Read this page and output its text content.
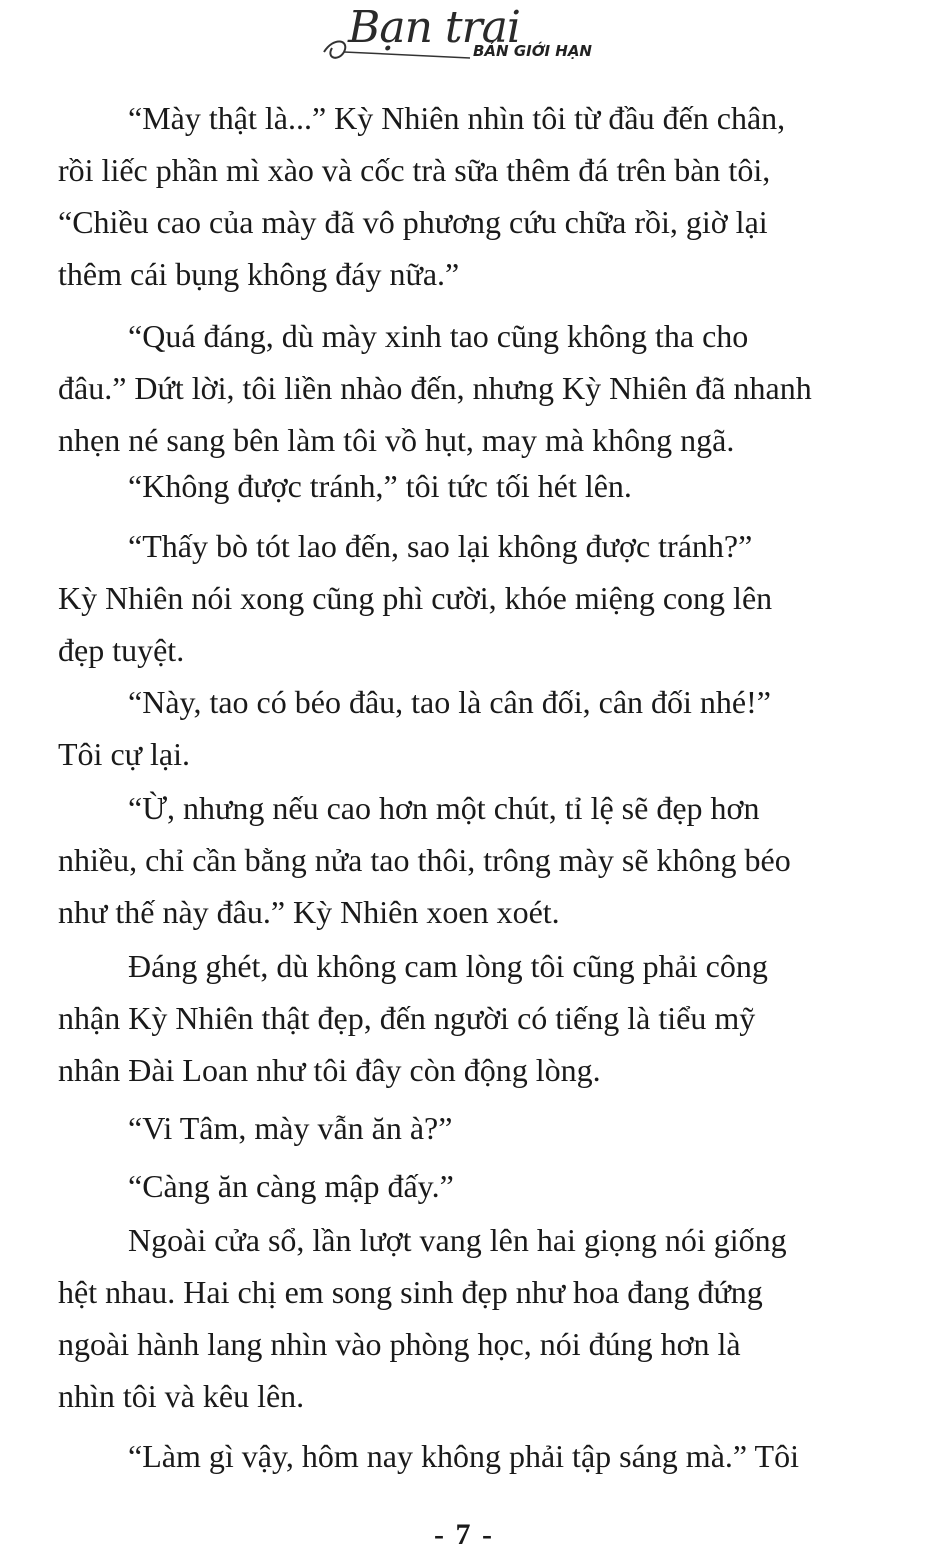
Bạn trai
BẢN GIỚI HẠN
“Mày thật là...” Kỳ Nhiên nhìn tôi từ đầu đến chân,
rồi liếc phần mì xào và cốc trà sữa thêm đá trên bàn tôi,
“Chiều cao của mày đã vô phương cứu chữa rồi, giờ lại
thêm cái bụng không đáy nữa.”
“Quá đáng, dù mày xinh tao cũng không tha cho
đâu.” Dứt lời, tôi liền nhào đến, nhưng Kỳ Nhiên đã nhanh
nhẹn né sang bên làm tôi vồ hụt, may mà không ngã.
“Không được tránh,” tôi tức tối hét lên.
“Thấy bò tót lao đến, sao lại không được tránh?”
Kỳ Nhiên nói xong cũng phì cười, khóe miệng cong lên
đẹp tuyệt.
“Này, tao có béo đâu, tao là cân đối, cân đối nhé!”
Tôi cự lại.
“Ừ, nhưng nếu cao hơn một chút, tỉ lệ sẽ đẹp hơn
nhiều, chỉ cần bằng nửa tao thôi, trông mày sẽ không béo
như thế này đâu.” Kỳ Nhiên xoen xoét.
Đáng ghét, dù không cam lòng tôi cũng phải công
nhận Kỳ Nhiên thật đẹp, đến người có tiếng là tiểu mỹ
nhân Đài Loan như tôi đây còn động lòng.
“Vi Tâm, mày vẫn ăn à?”
“Càng ăn càng mập đấy.”
Ngoài cửa sổ, lần lượt vang lên hai giọng nói giống
hệt nhau. Hai chị em song sinh đẹp như hoa đang đứng
ngoài hành lang nhìn vào phòng học, nói đúng hơn là
nhìn tôi và kêu lên.
“Làm gì vậy, hôm nay không phải tập sáng mà.” Tôi
- 7 -
